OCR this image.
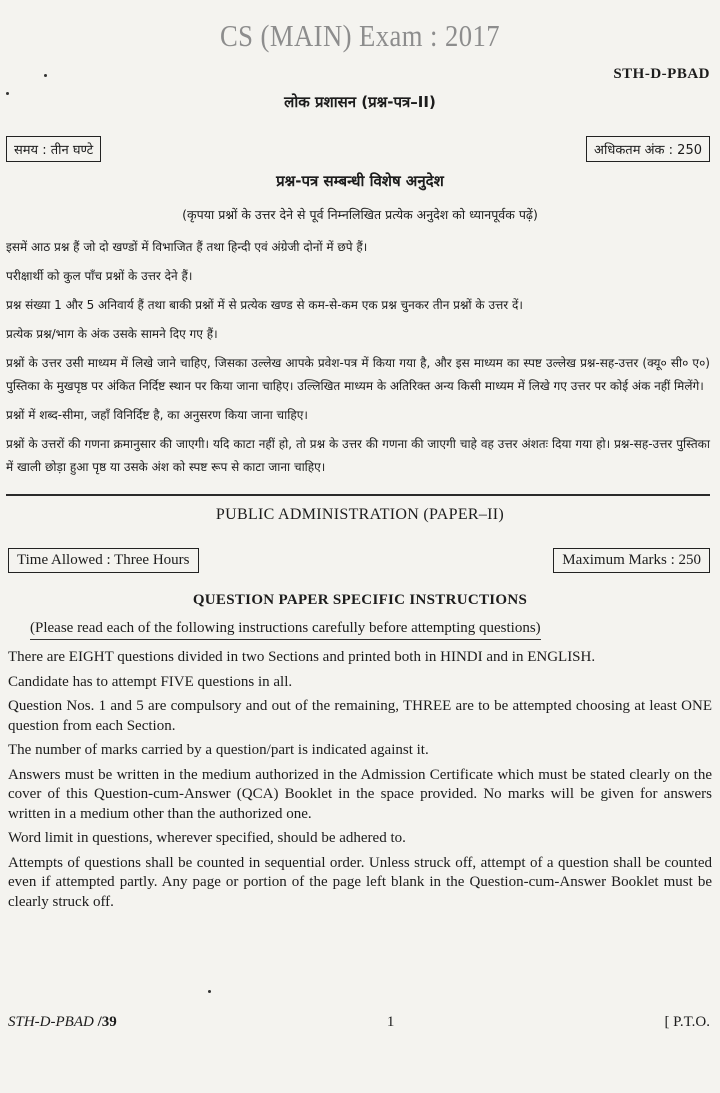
CS (MAIN) Exam : 2017
STH-D-PBAD
लोक प्रशासन (प्रश्न-पत्र–II)
समय : तीन घण्टे	अधिकतम अंक : 250
प्रश्न-पत्र सम्बन्धी विशेष अनुदेश
(कृपया प्रश्नों के उत्तर देने से पूर्व निम्नलिखित प्रत्येक अनुदेश को ध्यानपूर्वक पढ़ें)

इसमें आठ प्रश्न हैं जो दो खण्डों में विभाजित हैं तथा हिन्दी एवं अंग्रेजी दोनों में छपे हैं।

परीक्षार्थी को कुल पाँच प्रश्नों के उत्तर देने हैं।

प्रश्न संख्या 1 और 5 अनिवार्य हैं तथा बाकी प्रश्नों में से प्रत्येक खण्ड से कम-से-कम एक प्रश्न चुनकर तीन प्रश्नों के उत्तर दें।

प्रत्येक प्रश्न/भाग के अंक उसके सामने दिए गए हैं।

प्रश्नों के उत्तर उसी माध्यम में लिखे जाने चाहिए, जिसका उल्लेख आपके प्रवेश-पत्र में किया गया है, और इस माध्यम का स्पष्ट उल्लेख प्रश्न-सह-उत्तर (क्यू० सी० ए०) पुस्तिका के मुखपृष्ठ पर अंकित निर्दिष्ट स्थान पर किया जाना चाहिए। उल्लिखित माध्यम के अतिरिक्त अन्य किसी माध्यम में लिखे गए उत्तर पर कोई अंक नहीं मिलेंगे।

प्रश्नों में शब्द-सीमा, जहाँ विनिर्दिष्ट है, का अनुसरण किया जाना चाहिए।

प्रश्नों के उत्तरों की गणना क्रमानुसार की जाएगी। यदि काटा नहीं हो, तो प्रश्न के उत्तर की गणना की जाएगी चाहे वह उत्तर अंशतः दिया गया हो। प्रश्न-सह-उत्तर पुस्तिका में खाली छोड़ा हुआ पृष्ठ या उसके अंश को स्पष्ट रूप से काटा जाना चाहिए।

PUBLIC ADMINISTRATION (PAPER–II)
Time Allowed : Three Hours	Maximum Marks : 250
QUESTION PAPER SPECIFIC INSTRUCTIONS
(Please read each of the following instructions carefully before attempting questions)

There are EIGHT questions divided in two Sections and printed both in HINDI and in ENGLISH.

Candidate has to attempt FIVE questions in all.

Question Nos. 1 and 5 are compulsory and out of the remaining, THREE are to be attempted choosing at least ONE question from each Section.

The number of marks carried by a question/part is indicated against it.

Answers must be written in the medium authorized in the Admission Certificate which must be stated clearly on the cover of this Question-cum-Answer (QCA) Booklet in the space provided. No marks will be given for answers written in a medium other than the authorized one.

Word limit in questions, wherever specified, should be adhered to.

Attempts of questions shall be counted in sequential order. Unless struck off, attempt of a question shall be counted even if attempted partly. Any page or portion of the page left blank in the Question-cum-Answer Booklet must be clearly struck off.

STH-D-PBAD /39	1	[ P.T.O.
